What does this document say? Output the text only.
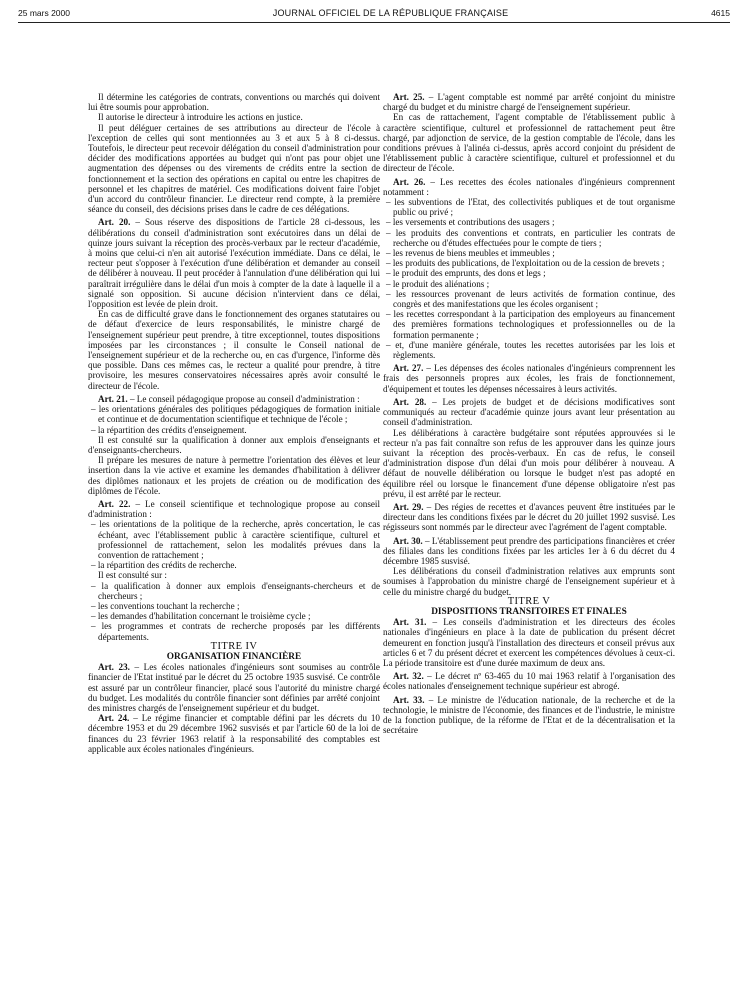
25 mars 2000	JOURNAL OFFICIEL DE LA RÉPUBLIQUE FRANÇAISE	4615

Il détermine les catégories de contrats, conventions ou marchés qui doivent lui être soumis pour approbation.

Il autorise le directeur à introduire les actions en justice.

Il peut déléguer certaines de ses attributions au directeur de l'école à l'exception de celles qui sont mentionnées au 3 et aux 5 à 8 ci-dessus. Toutefois, le directeur peut recevoir délégation du conseil d'administration pour décider des modifications apportées au budget qui n'ont pas pour objet une augmentation des dépenses ou des virements de crédits entre la section de fonctionnement et la section des opérations en capital ou entre les chapitres de personnel et les chapitres de matériel. Ces modifications doivent faire l'objet d'un accord du contrôleur financier. Le directeur rend compte, à la première séance du conseil, des décisions prises dans le cadre de ces délégations.

Art. 20. – Sous réserve des dispositions de l'article 28 ci-dessous, les délibérations du conseil d'administration sont exécutoires dans un délai de quinze jours suivant la réception des procès-verbaux par le recteur d'académie, à moins que celui-ci n'en ait autorisé l'exécution immédiate. Dans ce délai, le recteur peut s'opposer à l'exécution d'une délibération et demander au conseil de délibérer à nouveau. Il peut procéder à l'annulation d'une délibération qui lui paraîtrait irrégulière dans le délai d'un mois à compter de la date à laquelle il a signalé son opposition. Si aucune décision n'intervient dans ce délai, l'opposition est levée de plein droit.

En cas de difficulté grave dans le fonctionnement des organes statutaires ou de défaut d'exercice de leurs responsabilités, le ministre chargé de l'enseignement supérieur peut prendre, à titre exceptionnel, toutes dispositions imposées par les circonstances ; il consulte le Conseil national de l'enseignement supérieur et de la recherche ou, en cas d'urgence, l'informe dès que possible. Dans ces mêmes cas, le recteur a qualité pour prendre, à titre provisoire, les mesures conservatoires nécessaires après avoir consulté le directeur de l'école.

Art. 21. – Le conseil pédagogique propose au conseil d'administration :

– les orientations générales des politiques pédagogiques de formation initiale et continue et de documentation scientifique et technique de l'école ;
– la répartition des crédits d'enseignement.

Il est consulté sur la qualification à donner aux emplois d'enseignants et d'enseignants-chercheurs.

Il prépare les mesures de nature à permettre l'orientation des élèves et leur insertion dans la vie active et examine les demandes d'habilitation à délivrer des diplômes nationaux et les projets de création ou de modification des diplômes de l'école.

Art. 22. – Le conseil scientifique et technologique propose au conseil d'administration :

– les orientations de la politique de la recherche, après concertation, le cas échéant, avec l'établissement public à caractère scientifique, culturel et professionnel de rattachement, selon les modalités prévues dans la convention de rattachement ;
– la répartition des crédits de recherche.

Il est consulté sur :

– la qualification à donner aux emplois d'enseignants-chercheurs et de chercheurs ;
– les conventions touchant la recherche ;
– les demandes d'habilitation concernant le troisième cycle ;
– les programmes et contrats de recherche proposés par les différents départements.

TITRE IV

ORGANISATION FINANCIÈRE

Art. 23. – Les écoles nationales d'ingénieurs sont soumises au contrôle financier de l'Etat institué par le décret du 25 octobre 1935 susvisé. Ce contrôle est assuré par un contrôleur financier, placé sous l'autorité du ministre chargé du budget. Les modalités du contrôle financier sont définies par arrêté conjoint des ministres chargés de l'enseignement supérieur et du budget.

Art. 24. – Le régime financier et comptable défini par les décrets du 10 décembre 1953 et du 29 décembre 1962 susvisés et par l'article 60 de la loi de finances du 23 février 1963 relatif à la responsabilité des comptables est applicable aux écoles nationales d'ingénieurs.

Art. 25. – L'agent comptable est nommé par arrêté conjoint du ministre chargé du budget et du ministre chargé de l'enseignement supérieur.

En cas de rattachement, l'agent comptable de l'établissement public à caractère scientifique, culturel et professionnel de rattachement peut être chargé, par adjonction de service, de la gestion comptable de l'école, dans les conditions prévues à l'alinéa ci-dessus, après accord conjoint du président de l'établissement public à caractère scientifique, culturel et professionnel et du directeur de l'école.

Art. 26. – Les recettes des écoles nationales d'ingénieurs comprennent notamment :

– les subventions de l'Etat, des collectivités publiques et de tout organisme public ou privé ;
– les versements et contributions des usagers ;
– les produits des conventions et contrats, en particulier les contrats de recherche ou d'études effectuées pour le compte de tiers ;
– les revenus de biens meubles et immeubles ;
– les produits des publications, de l'exploitation ou de la cession de brevets ;
– le produit des emprunts, des dons et legs ;
– le produit des aliénations ;
– les ressources provenant de leurs activités de formation continue, des congrès et des manifestations que les écoles organisent ;
– les recettes correspondant à la participation des employeurs au financement des premières formations technologiques et professionnelles ou de la formation permanente ;
– et, d'une manière générale, toutes les recettes autorisées par les lois et règlements.

Art. 27. – Les dépenses des écoles nationales d'ingénieurs comprennent les frais des personnels propres aux écoles, les frais de fonctionnement, d'équipement et toutes les dépenses nécessaires à leurs activités.

Art. 28. – Les projets de budget et de décisions modificatives sont communiqués au recteur d'académie quinze jours avant leur présentation au conseil d'administration.

Les délibérations à caractère budgétaire sont réputées approuvées si le recteur n'a pas fait connaître son refus de les approuver dans les quinze jours suivant la réception des procès-verbaux. En cas de refus, le conseil d'administration dispose d'un délai d'un mois pour délibérer à nouveau. A défaut de nouvelle délibération ou lorsque le budget n'est pas adopté en équilibre réel ou lorsque le financement d'une dépense obligatoire n'est pas prévu, il est arrêté par le recteur.

Art. 29. – Des régies de recettes et d'avances peuvent être instituées par le directeur dans les conditions fixées par le décret du 20 juillet 1992 susvisé. Les régisseurs sont nommés par le directeur avec l'agrément de l'agent comptable.

Art. 30. – L'établissement peut prendre des participations financières et créer des filiales dans les conditions fixées par les articles 1er à 6 du décret du 4 décembre 1985 susvisé.

Les délibérations du conseil d'administration relatives aux emprunts sont soumises à l'approbation du ministre chargé de l'enseignement supérieur et à celle du ministre chargé du budget.

TITRE V

DISPOSITIONS TRANSITOIRES ET FINALES

Art. 31. – Les conseils d'administration et les directeurs des écoles nationales d'ingénieurs en place à la date de publication du présent décret demeurent en fonction jusqu'à l'installation des directeurs et conseil prévus aux articles 6 et 7 du présent décret et exercent les compétences dévolues à ceux-ci. La période transitoire est d'une durée maximum de deux ans.

Art. 32. – Le décret nº 63-465 du 10 mai 1963 relatif à l'organisation des écoles nationales d'enseignement technique supérieur est abrogé.

Art. 33. – Le ministre de l'éducation nationale, de la recherche et de la technologie, le ministre de l'économie, des finances et de l'industrie, le ministre de la fonction publique, de la réforme de l'Etat et de la décentralisation et la secrétaire
